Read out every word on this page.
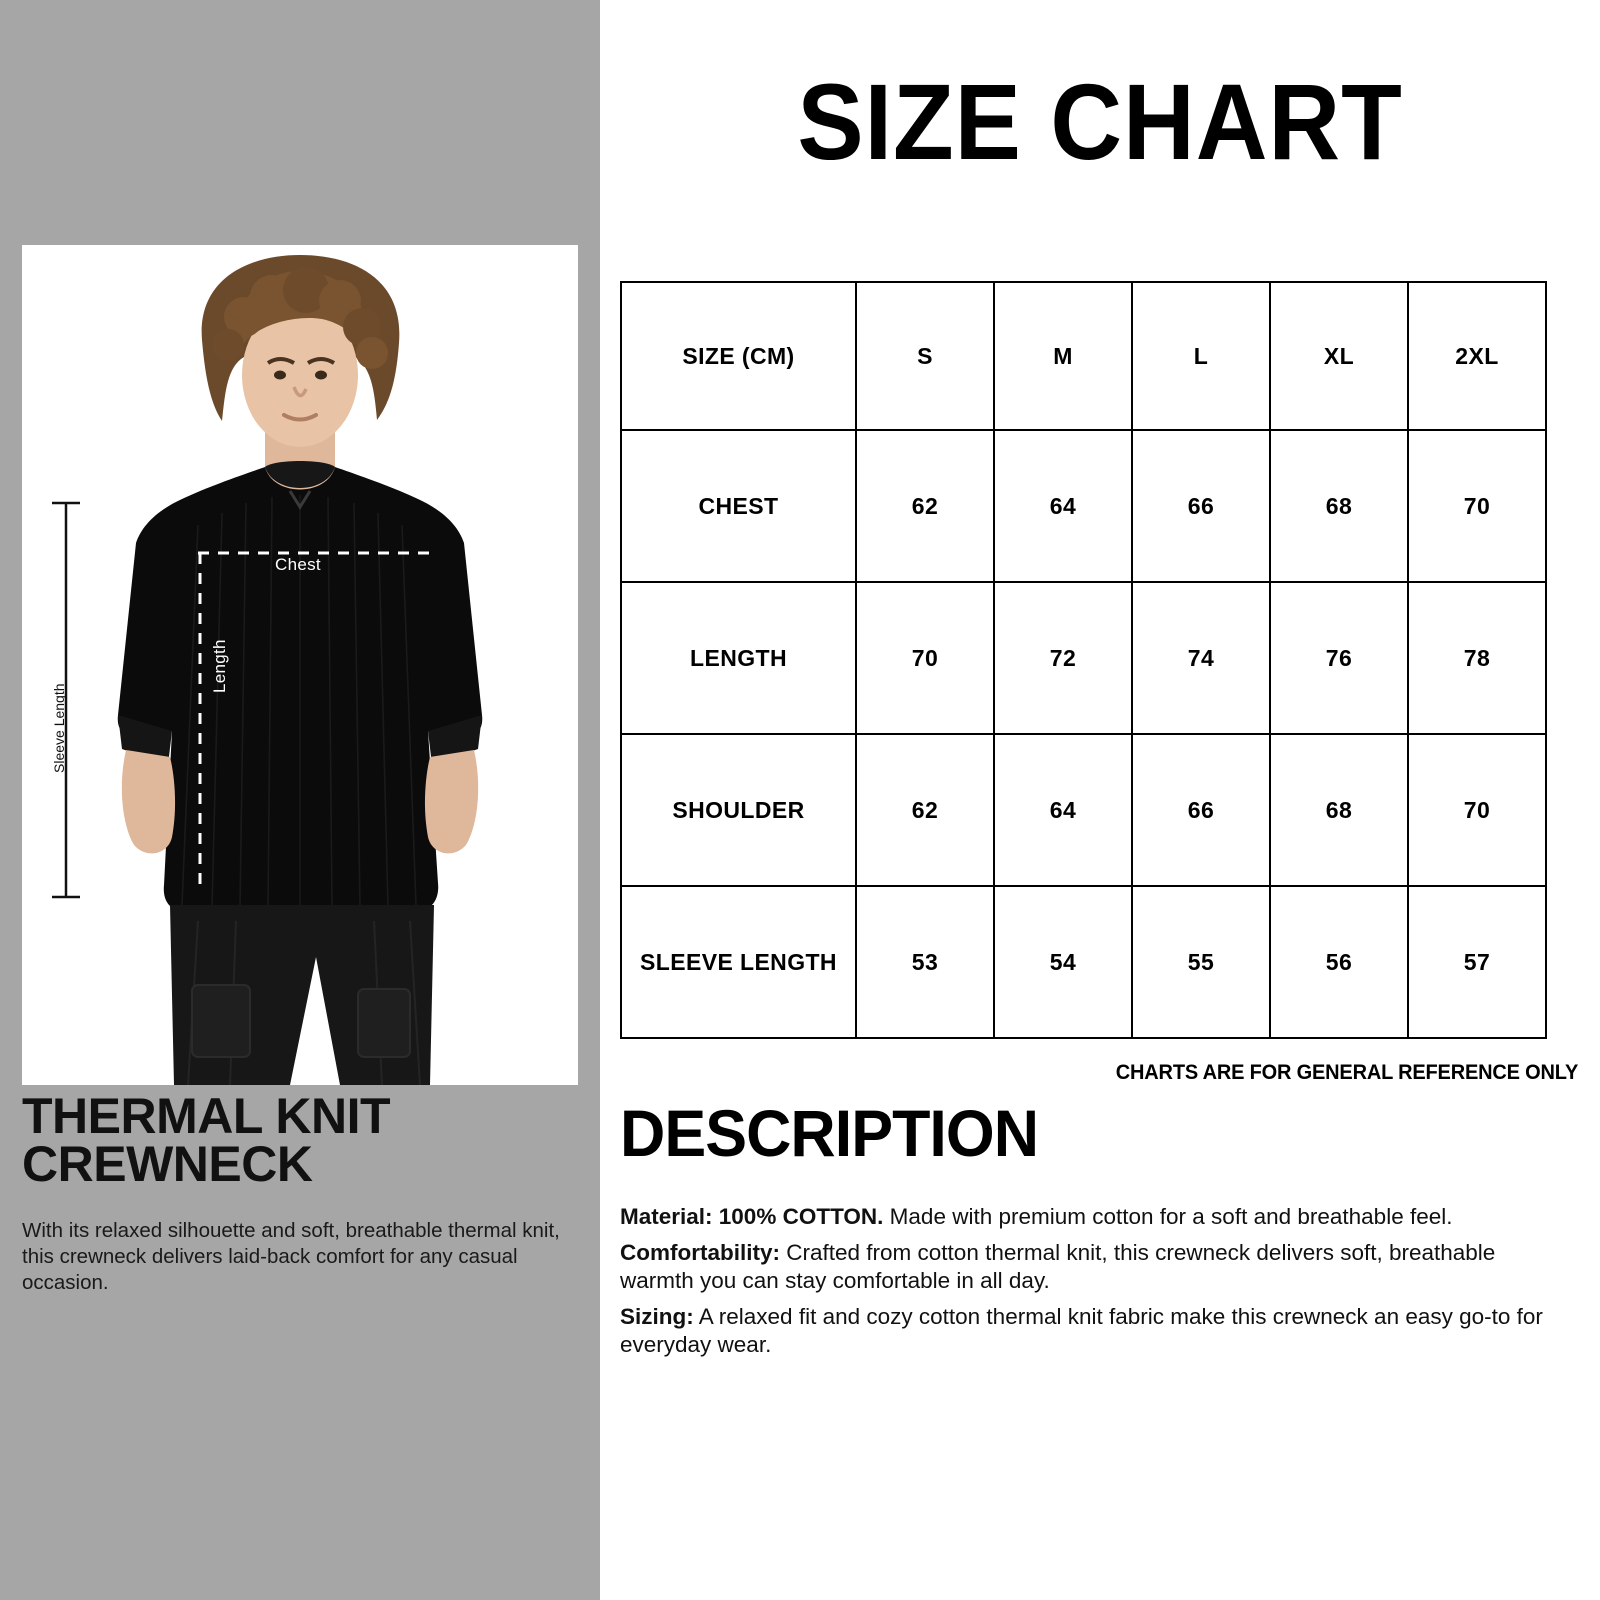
Chest
Length
Sleeve Length
THERMAL KNIT CREWNECK
With its relaxed silhouette and soft, breathable thermal knit, this crewneck delivers laid-back comfort for any casual occasion.
SIZE CHART
SIZE (CM)	S	M	L	XL	2XL
CHEST	62	64	66	68	70
LENGTH	70	72	74	76	78
SHOULDER	62	64	66	68	70
SLEEVE LENGTH	53	54	55	56	57
CHARTS ARE FOR GENERAL REFERENCE ONLY
DESCRIPTION

Material: 100% COTTON. Made with premium cotton for a soft and breathable feel.

Comfortability: Crafted from cotton thermal knit, this crewneck delivers soft, breathable warmth you can stay comfortable in all day.

Sizing: A relaxed fit and cozy cotton thermal knit fabric make this crewneck an easy go-to for everyday wear.
